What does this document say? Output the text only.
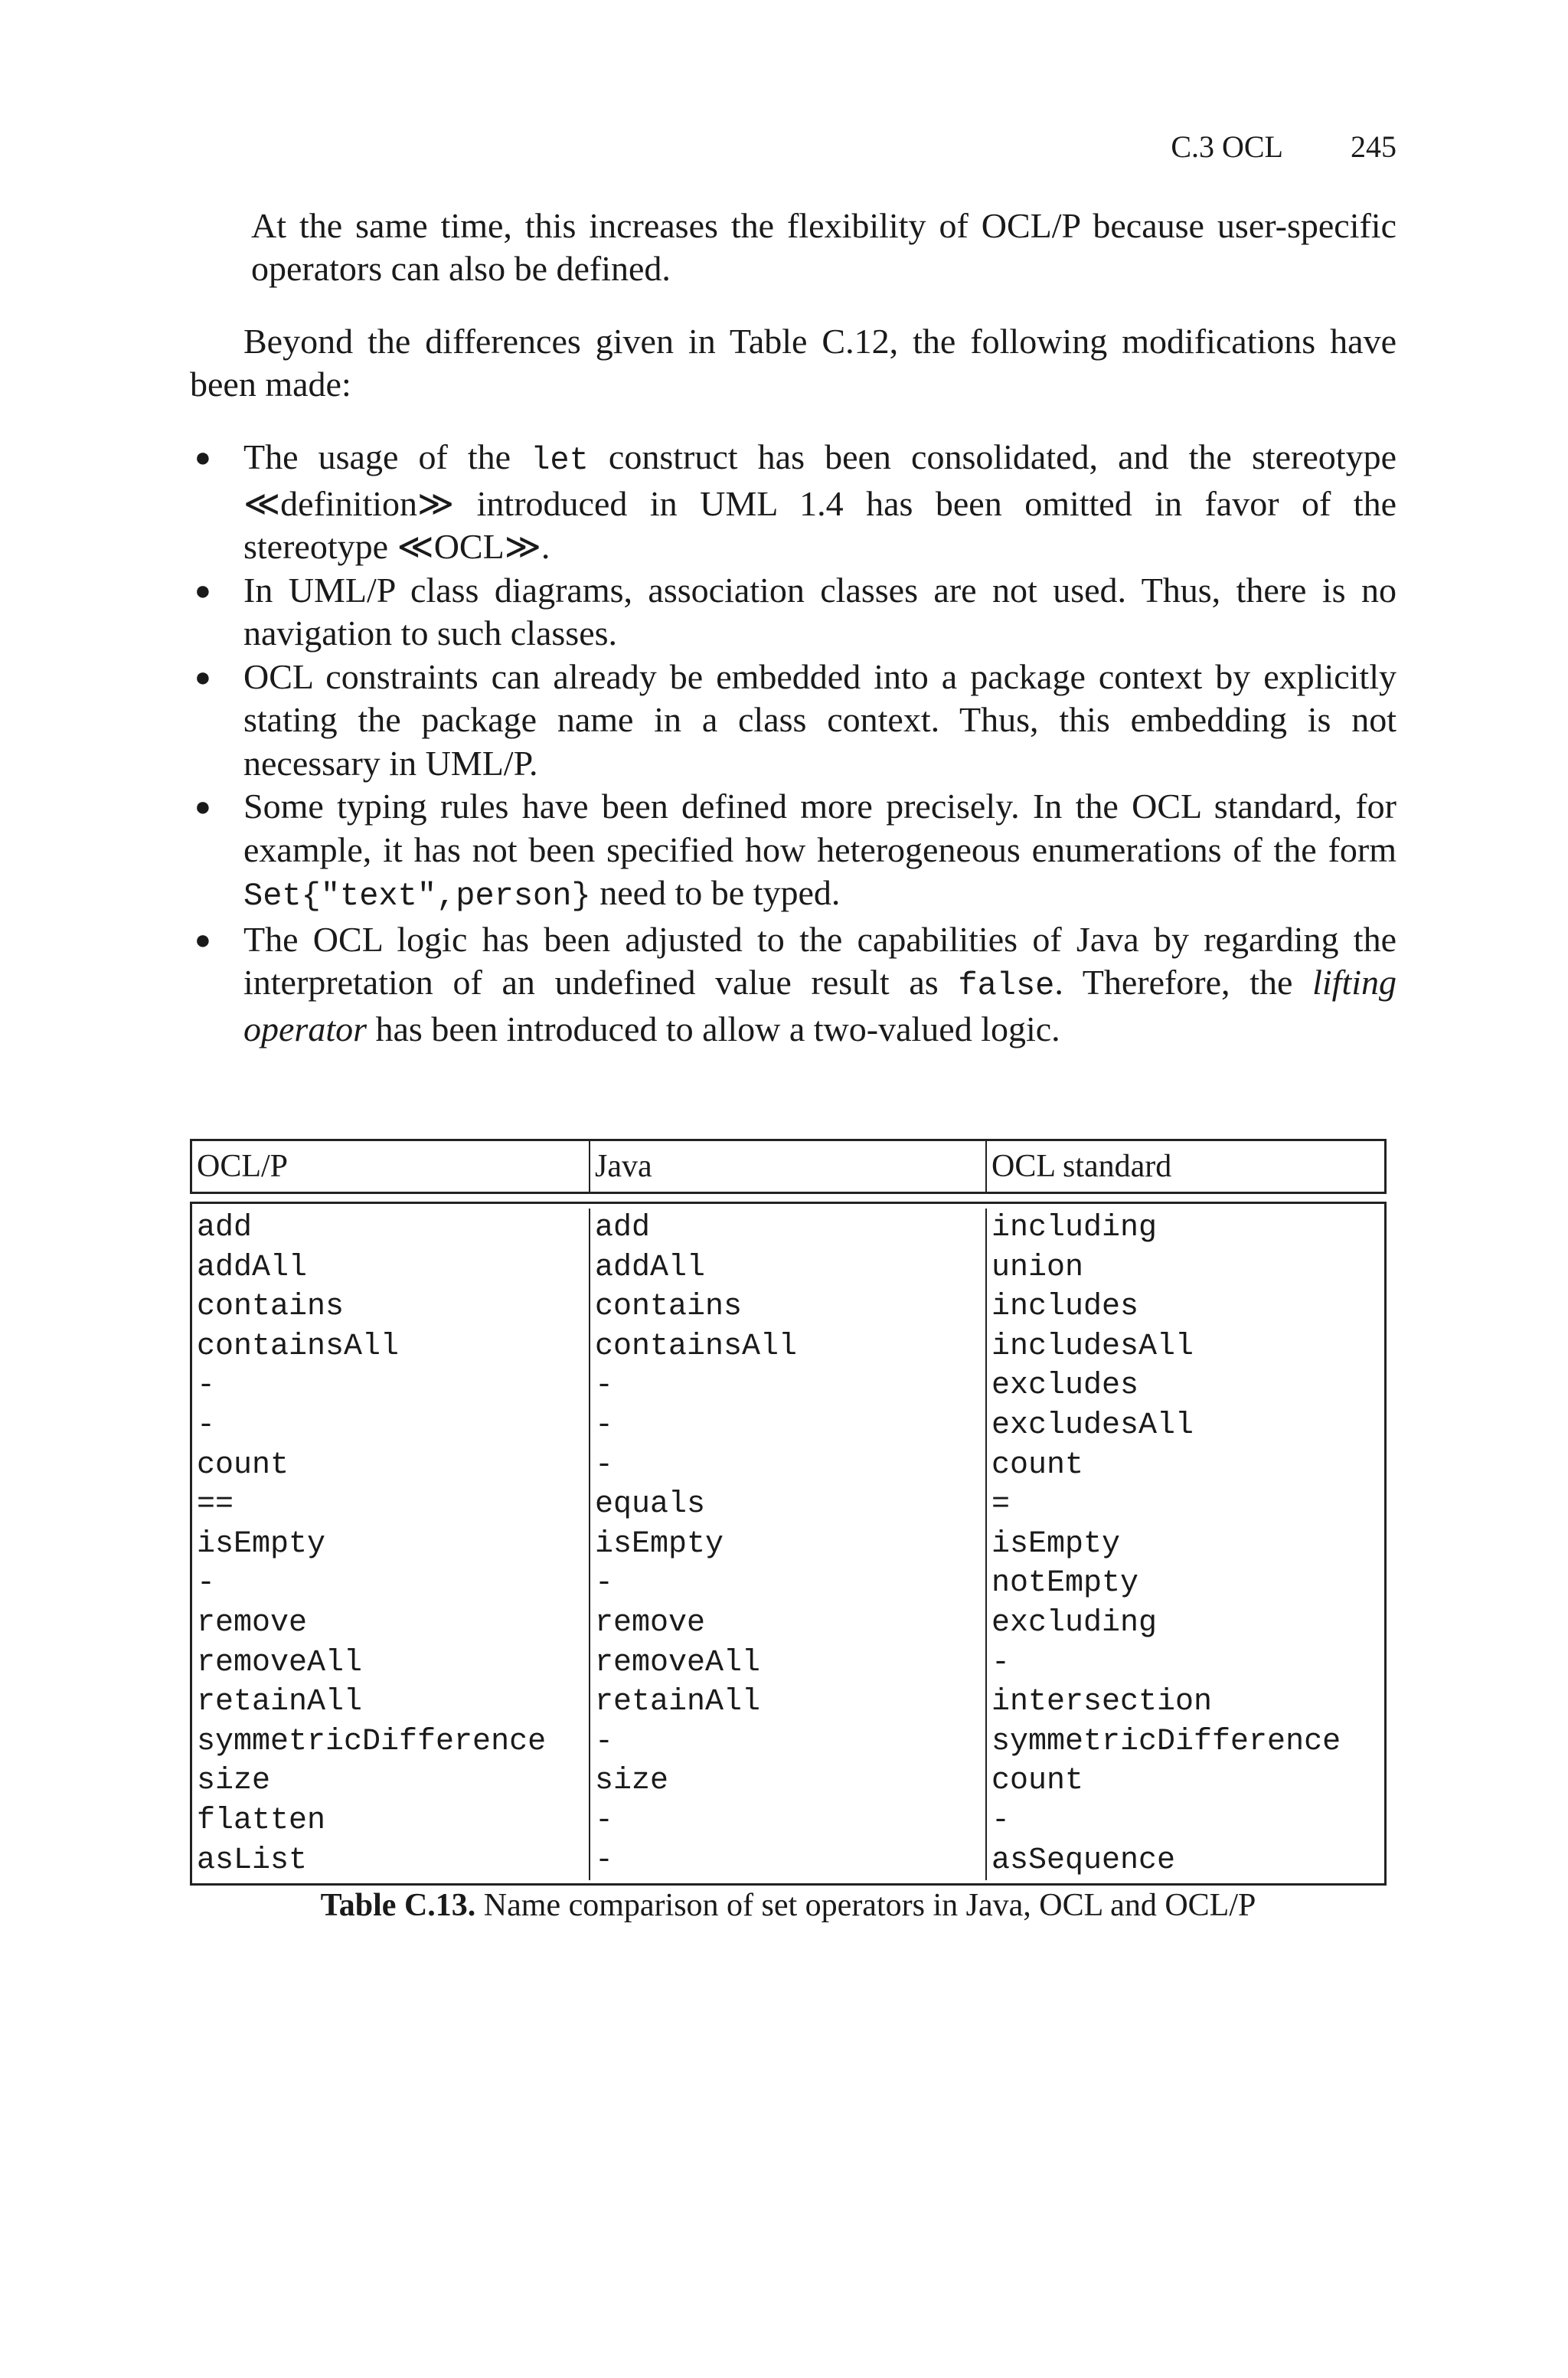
C.3 OCL 245
At the same time, this increases the flexibility of OCL/P because user-specific operators can also be defined.
Beyond the differences given in Table C.12, the following modifications have been made:
● The usage of the let construct has been consolidated, and the stereotype ≪definition≫ introduced in UML 1.4 has been omitted in favor of the stereotype ≪OCL≫.
● In UML/P class diagrams, association classes are not used. Thus, there is no navigation to such classes.
● OCL constraints can already be embedded into a package context by explicitly stating the package name in a class context. Thus, this embedding is not necessary in UML/P.
● Some typing rules have been defined more precisely. In the OCL standard, for example, it has not been specified how heterogeneous enumerations of the form Set{"text",person} need to be typed.
● The OCL logic has been adjusted to the capabilities of Java by regarding the interpretation of an undefined value result as false. Therefore, the lifting operator has been introduced to allow a two-valued logic.
OCL/P	Java	OCL standard
add
addAll
contains
containsAll
-
-
count
==
isEmpty
-
remove
removeAll
retainAll
symmetricDifference
size
flatten
asList
add
addAll
contains
containsAll
-
-
-
equals
isEmpty
-
remove
removeAll
retainAll
-
size
-
-
including
union
includes
includesAll
excludes
excludesAll
count
=
isEmpty
notEmpty
excluding
-
intersection
symmetricDifference
count
-
asSequence
Table C.13. Name comparison of set operators in Java, OCL and OCL/P
